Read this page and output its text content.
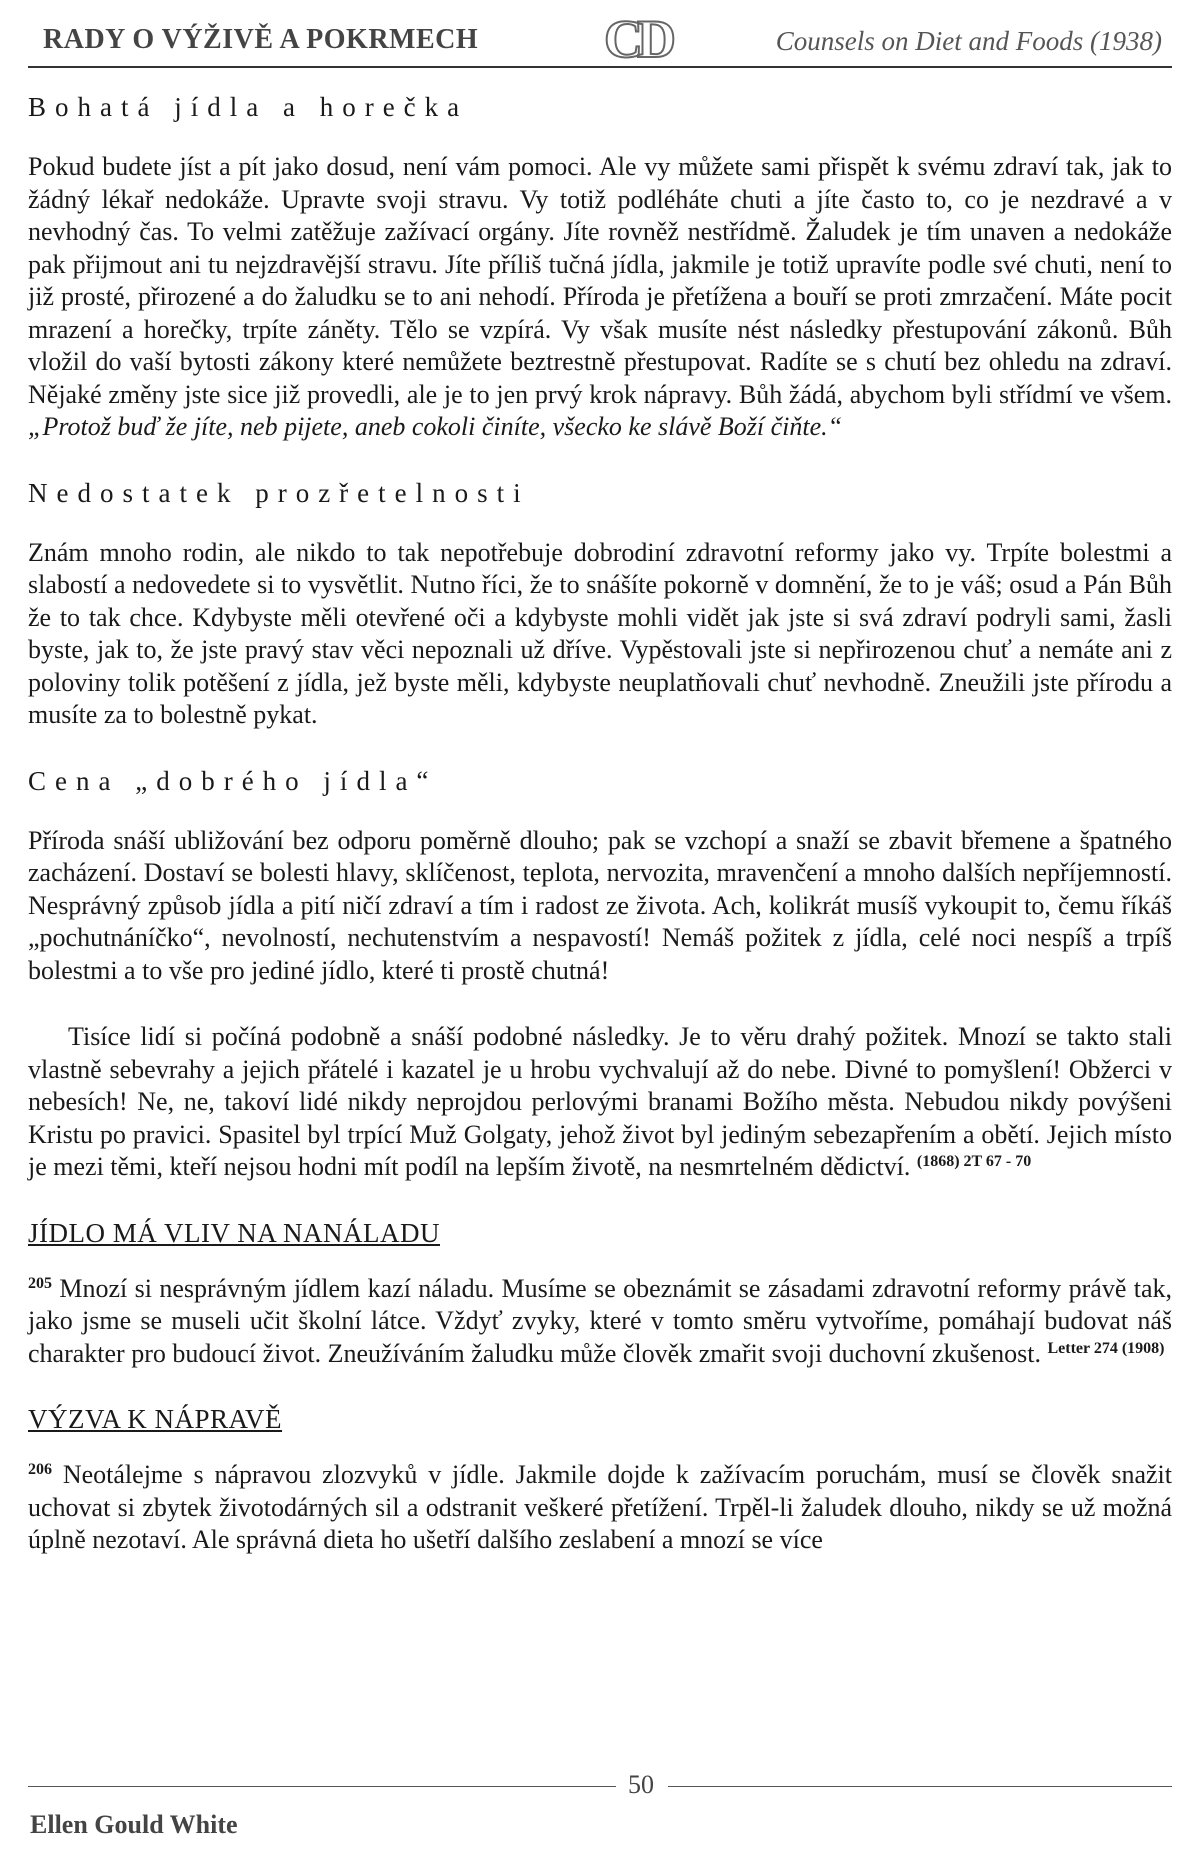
RADY O VÝŽIVĚ A POKRMECH CD	Counsels on Diet and Foods (1938)
Bohatá jídla a horečka

Pokud budete jíst a pít jako dosud, není vám pomoci. Ale vy můžete sami přispět k svému zdraví tak, jak to žádný lékař nedokáže. Upravte svoji stravu. Vy totiž podléháte chuti a jíte často to, co je nezdravé a v nevhodný čas. To velmi zatěžuje zažívací orgány. Jíte rovněž nestřídmě. Žaludek je tím unaven a nedokáže pak přijmout ani tu nejzdravější stravu. Jíte příliš tučná jídla, jakmile je totiž upravíte podle své chuti, není to již prosté, přirozené a do žaludku se to ani nehodí. Příroda je přetížena a bouří se proti zmrzačení. Máte pocit mrazení a horečky, trpíte záněty. Tělo se vzpírá. Vy však musíte nést následky přestupování zákonů. Bůh vložil do vaší bytosti zákony které nemůžete beztrestně přestupovat. Radíte se s chutí bez ohledu na zdraví. Nějaké změny jste sice již provedli, ale je to jen prvý krok nápravy. Bůh žádá, abychom byli střídmí ve všem. „Protož buď že jíte, neb pijete, aneb cokoli činíte, všecko ke slávě Boží čiňte.“

Nedostatek prozřetelnosti

Znám mnoho rodin, ale nikdo to tak nepotřebuje dobrodiní zdravotní reformy jako vy. Trpíte bolestmi a slabostí a nedovedete si to vysvětlit. Nutno říci, že to snášíte pokorně v domnění, že to je váš; osud a Pán Bůh že to tak chce. Kdybyste měli otevřené oči a kdybyste mohli vidět jak jste si svá zdraví podryli sami, žasli byste, jak to, že jste pravý stav věci nepoznali už dříve. Vypěstovali jste si nepřirozenou chuť a nemáte ani z poloviny tolik potěšení z jídla, jež byste měli, kdybyste neuplatňovali chuť nevhodně. Zneužili jste přírodu a musíte za to bolestně pykat.

Cena „dobrého jídla“

Příroda snáší ubližování bez odporu poměrně dlouho; pak se vzchopí a snaží se zbavit břemene a špatného zacházení. Dostaví se bolesti hlavy, sklíčenost, teplota, nervozita, mravenčení a mnoho dalších nepříjemností. Nesprávný způsob jídla a pití ničí zdraví a tím i radost ze života. Ach, kolikrát musíš vykoupit to, čemu říkáš „pochutnáníčko“, nevolností, nechutenstvím a nespavostí! Nemáš požitek z jídla, celé noci nespíš a trpíš bolestmi a to vše pro jediné jídlo, které ti prostě chutná!

Tisíce lidí si počíná podobně a snáší podobné následky. Je to věru drahý požitek. Mnozí se takto stali vlastně sebevrahy a jejich přátelé i kazatel je u hrobu vychvalují až do nebe. Divné to pomyšlení! Obžerci v nebesích! Ne, ne, takoví lidé nikdy neprojdou perlovými branami Božího města. Nebudou nikdy povýšeni Kristu po pravici. Spasitel byl trpící Muž Golgaty, jehož život byl jediným sebezapřením a obětí. Jejich místo je mezi těmi, kteří nejsou hodni mít podíl na lepším životě, na nesmrtelném dědictví. $^{(1868) 2T 67 - 70}$

JÍDLO MÁ VLIV NA NANÁLADU

$^{205}$ Mnozí si nesprávným jídlem kazí náladu. Musíme se obeznámit se zásadami zdravotní reformy právě tak, jako jsme se museli učit školní látce. Vždyť zvyky, které v tomto směru vytvoříme, pomáhají budovat náš charakter pro budoucí život. Zneužíváním žaludku může člověk zmařit svoji duchovní zkušenost. $^{Letter 274 (1908)}$

VÝZVA K NÁPRAVĚ

$^{206}$ Neotálejme s nápravou zlozvyků v jídle. Jakmile dojde k zažívacím poruchám, musí se člověk snažit uchovat si zbytek životodárných sil a odstranit veškeré přetížení. Trpěl-li žaludek dlouho, nikdy se už možná úplně nezotaví. Ale správná dieta ho ušetří dalšího zeslabení a mnozí se více

50
Ellen Gould White
